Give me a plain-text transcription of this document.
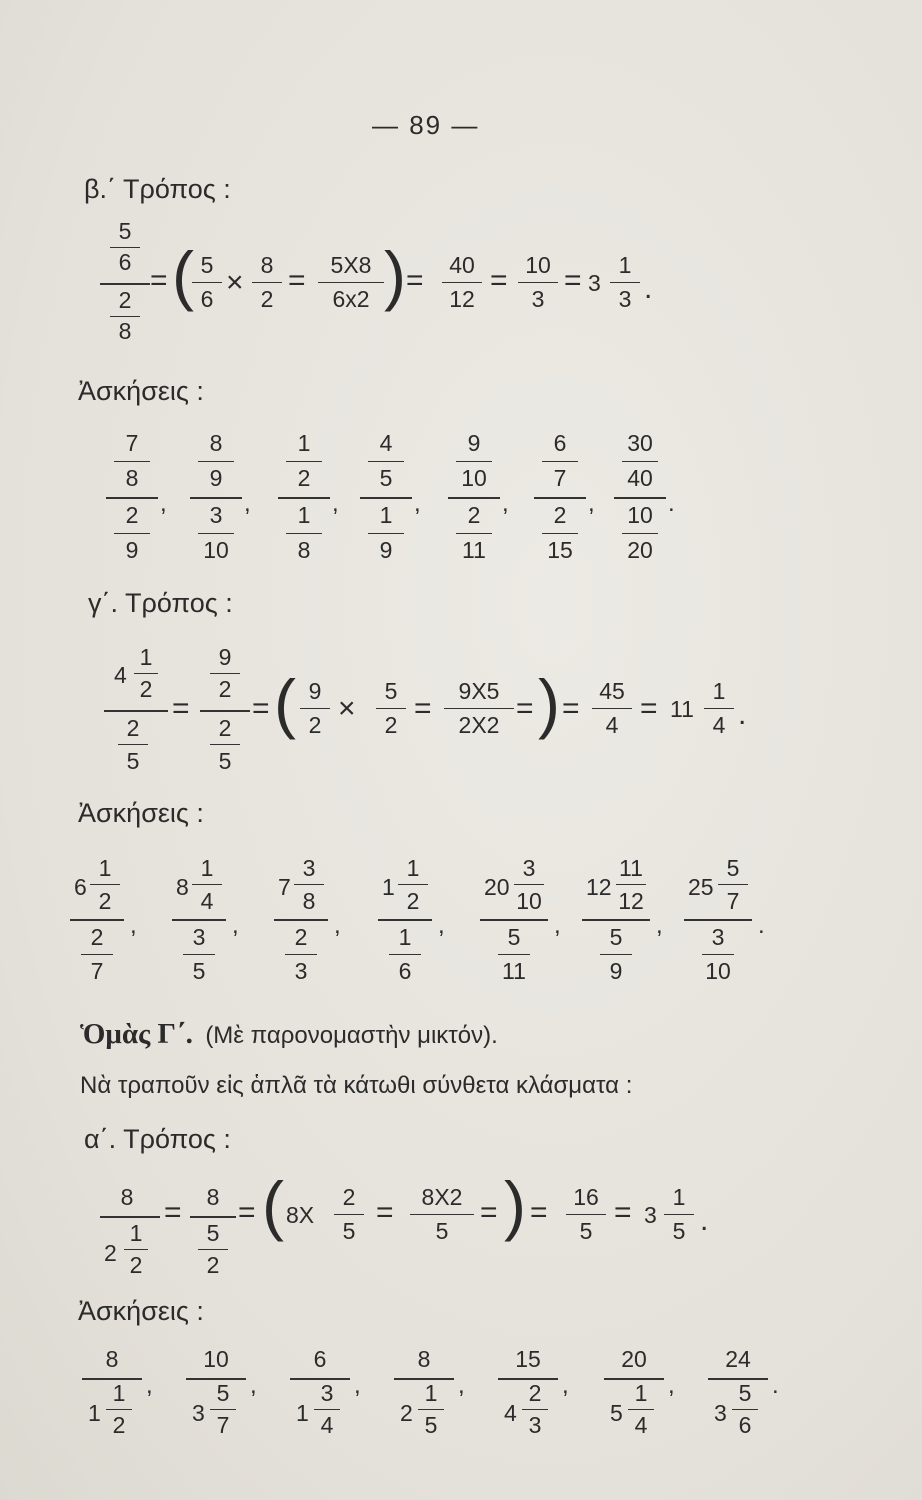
— 89 —
β.΄ Τρόπος :
5
6
2
8
= ( 5
6 ×
8
2
=	5X8
6x2 ) =	40
12
= 10
3
= 3
1
3 .
Ἀσκήσεις :
7
8
2
9
,
8
9
3
10
,
1
2
1
8
,
4
5
1
9
,
9
10
2
11
,
6
7
2
15
,
30
40
10
20
.
γ΄. Τρόπος :
4
1
2
2
5
=
9
2
2
5
= ( 9
2 ×
5
2 =
9X5
2X2 = ) =
45
4 = 11
1
4 .
Ἀσκήσεις :
6
1
2
2
7
,
8
1
4
3
5
,
7
3
8
2
3
,
1
1
2
1
6
,
20
3
10
5
11
,
12
11
12
5
9
,
25
5
7
3
10
.
Ὁμὰς Γ΄. (Μὲ παρονομαστὴν μικτόν).
Νὰ τραποῦν εἰς ἁπλᾶ τὰ κάτωθι σύνθετα κλάσματα :
α΄. Τρόπος :
8
2
1
2
=	8
5
2
= ( 8X
2
5
=	8X2
5
= ) =	16
5
= 3
1
5 .
Ἀσκήσεις :
8
1
1
2
,
10
3
5
7
,
6
1
3
4
,
8
2
1
5
,
15
4
2
3
,
20
5
1
4
,
24
3
5
6
.
